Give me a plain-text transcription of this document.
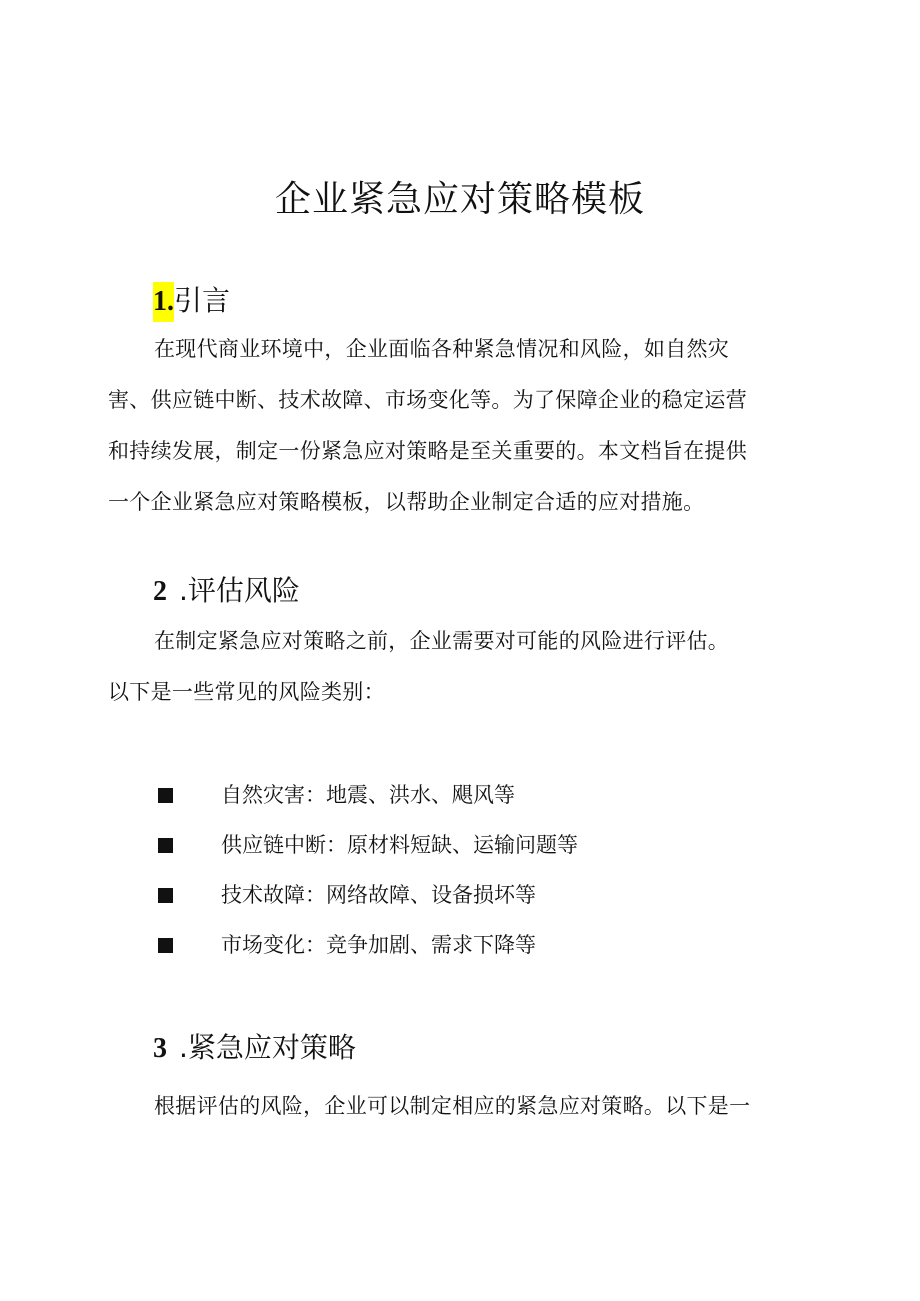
企业紧急应对策略模板
1.引言
在现代商业环境中，企业面临各种紧急情况和风险，如自然灾
害、供应链中断、技术故障、市场变化等。为了保障企业的稳定运营
和持续发展，制定一份紧急应对策略是至关重要的。本文档旨在提供
一个企业紧急应对策略模板，以帮助企业制定合适的应对措施。
2 .评估风险
在制定紧急应对策略之前，企业需要对可能的风险进行评估。
以下是一些常见的风险类别：
自然灾害：地震、洪水、飓风等
供应链中断：原材料短缺、运输问题等
技术故障：网络故障、设备损坏等
市场变化：竞争加剧、需求下降等
3 .紧急应对策略
根据评估的风险，企业可以制定相应的紧急应对策略。以下是一
